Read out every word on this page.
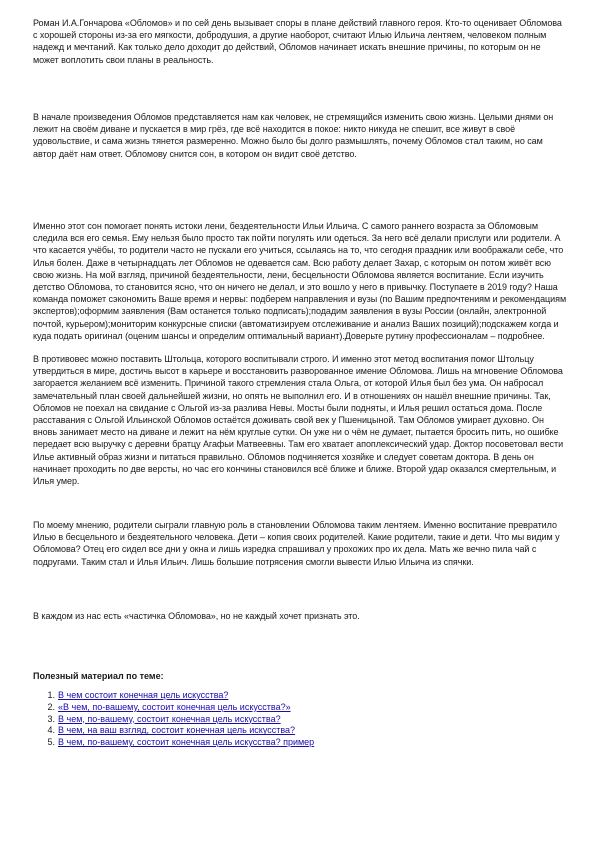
Роман И.А.Гончарова «Обломов» и по сей день вызывает споры в плане действий главного героя. Кто-то оценивает Обломова с хорошей стороны из-за его мягкости, добродушия, а другие наоборот, считают Илью Ильича лентяем, человеком полным надежд и мечтаний. Как только дело доходит до действий, Обломов начинает искать внешние причины, по которым он не может воплотить свои планы в реальность.

В начале произведения Обломов представляется нам как человек, не стремящийся изменить свою жизнь. Целыми днями он лежит на своём диване и пускается в мир грёз, где всё находится в покое: никто никуда не спешит, все живут в своё удовольствие, и сама жизнь тянется размеренно. Можно было бы долго размышлять, почему Обломов стал таким, но сам автор даёт нам ответ. Обломову снится сон, в котором он видит своё детство.

Именно этот сон помогает понять истоки лени, бездеятельности Ильи Ильича. С самого раннего возраста за Обломовым следила вся его семья. Ему нельзя было просто так пойти погулять или одеться. За него всё делали прислуги или родители. А что касается учёбы, то родители часто не пускали его учиться, ссылаясь на то, что сегодня праздник или воображали себе, что Илья болен. Даже в четырнадцать лет Обломов не одевается сам. Всю работу делает Захар, с которым он потом живёт всю свою жизнь. На мой взгляд, причиной бездеятельности, лени, бесцельности Обломова является воспитание. Если изучить детство Обломова, то становится ясно, что он ничего не делал, и это вошло у него в привычку. Поступаете в 2019 году? Наша команда поможет сэкономить Ваше время и нервы: подберем направления и вузы (по Вашим предпочтениям и рекомендациям экспертов);оформим заявления (Вам останется только подписать);подадим заявления в вузы России (онлайн, электронной почтой, курьером);мониторим конкурсные списки (автоматизируем отслеживание и анализ Ваших позиций);подскажем когда и куда подать оригинал (оценим шансы и определим оптимальный вариант).Доверьте рутину профессионалам – подробнее.

В противовес можно поставить Штольца, которого воспитывали строго. И именно этот метод воспитания помог Штольцу утвердиться в мире, достичь высот в карьере и восстановить разворованное имение Обломова. Лишь на мгновение Обломова загорается желанием всё изменить. Причиной такого стремления стала Ольга, от которой Илья был без ума. Он набросал замечательный план своей дальнейшей жизни, но опять не выполнил его. И в отношениях он нашёл внешние причины. Так, Обломов не поехал на свидание с Ольгой из-за разлива Невы. Мосты были подняты, и Илья решил остаться дома. После расставания с Ольгой Ильинской Обломов остаётся доживать свой век у Пшеницыной. Там Обломов умирает духовно. Он вновь занимает место на диване и лежит на нём круглые сутки. Он уже ни о чём не думает, пытается бросить пить, но ошибке передает всю выручку с деревни братцу Агафьи Матвеевны. Там его хватает апоплексический удар. Доктор посоветовал вести Илье активный образ жизни и питаться правильно. Обломов подчиняется хозяйке и следует советам доктора. В день он начинает проходить по две версты, но час его кончины становился всё ближе и ближе. Второй удар оказался смертельным, и Илья умер.

По моему мнению, родители сыграли главную роль в становлении Обломова таким лентяем. Именно воспитание превратило Илью в бесцельного и бездеятельного человека. Дети – копия своих родителей. Какие родители, такие и дети. Что мы видим у Обломова? Отец его сидел все дни у окна и лишь изредка спрашивал у прохожих про их дела. Мать же вечно пила чай с подругами. Таким стал и Илья Ильич. Лишь большие потрясения смогли вывести Илью Ильича из спячки.

В каждом из нас есть «частичка Обломова», но не каждый хочет признать это.

Полезный материал по теме:
1. В чем состоит конечная цель искусства?
2. «В чем, по-вашему, состоит конечная цель искусства?»
3. В чем, по-вашему, состоит конечная цель искусства?
4. В чем, на ваш взгляд, состоит конечная цель искусства?
5. В чем, по-вашему, состоит конечная цель искусства? пример
